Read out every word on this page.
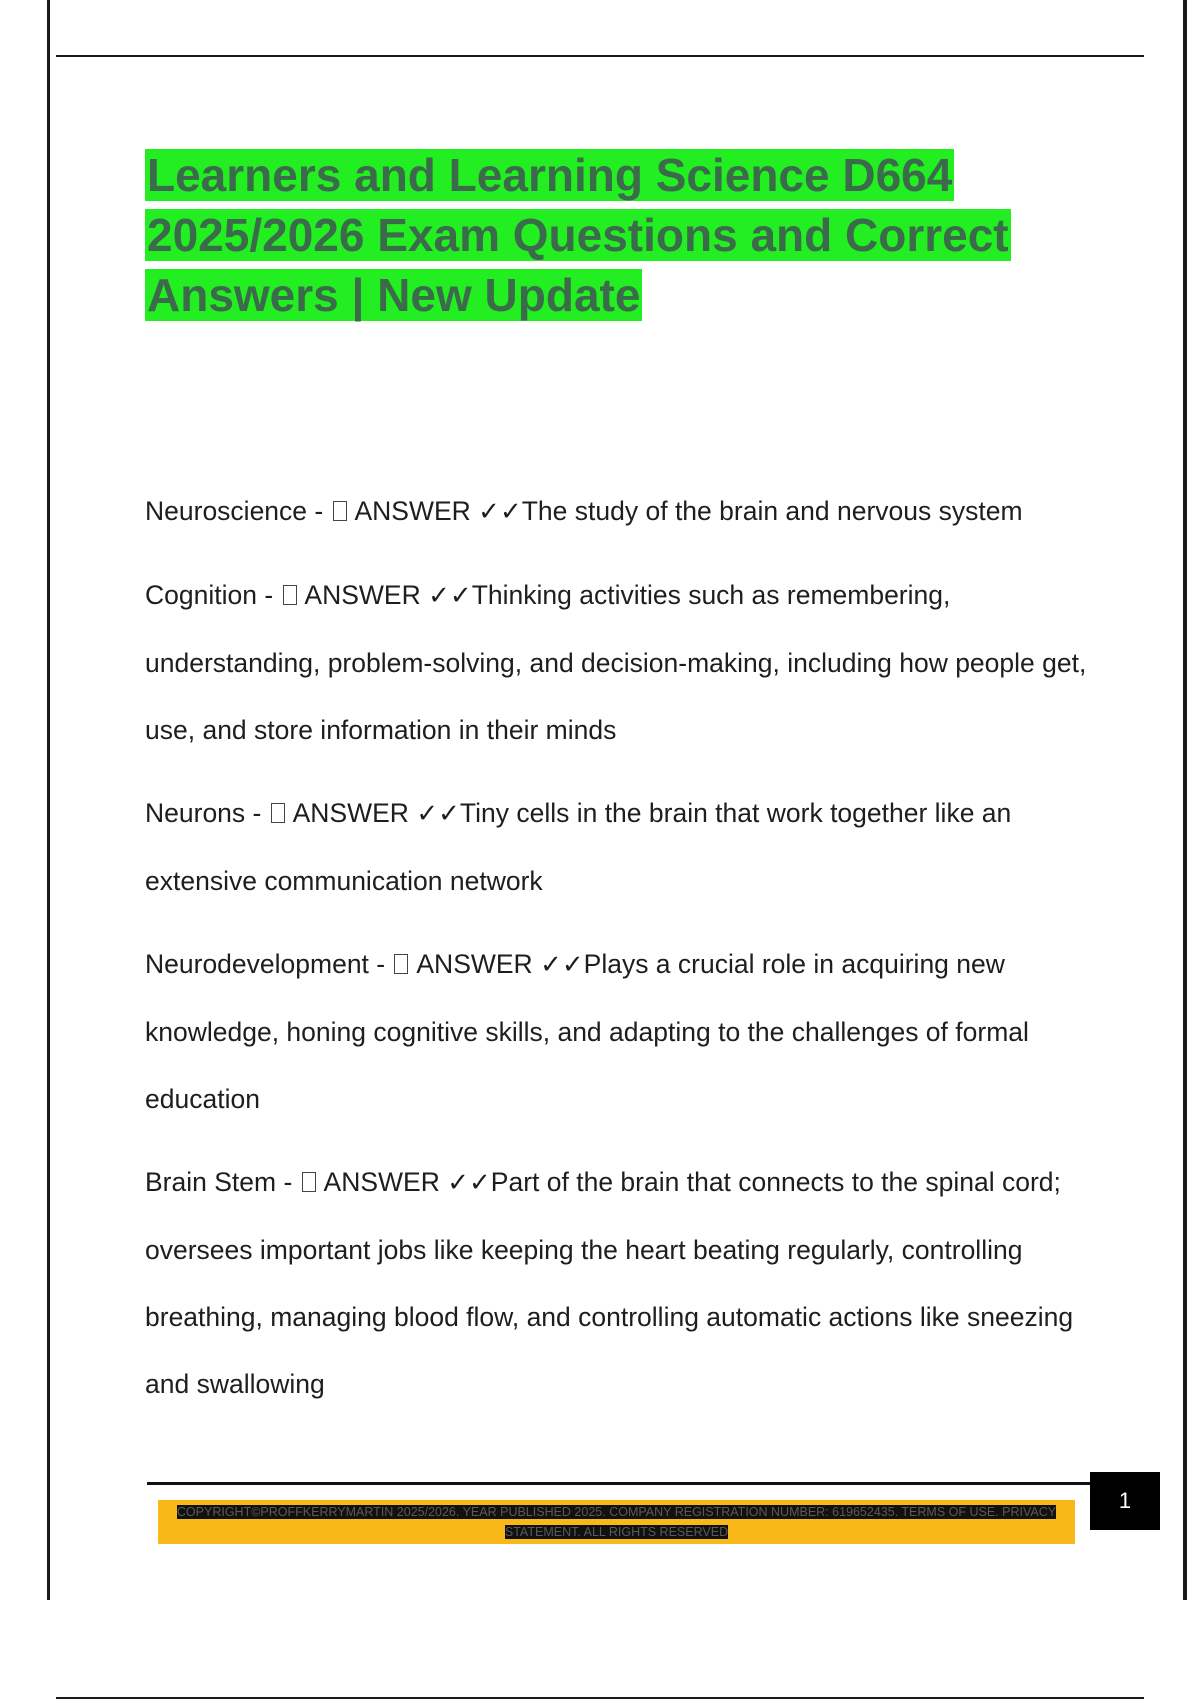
Learners and Learning Science D664 2025/2026 Exam Questions and Correct Answers | New Update

Neuroscience -  ANSWER ✓✓The study of the brain and nervous system

Cognition -  ANSWER ✓✓Thinking activities such as remembering, understanding, problem-solving, and decision-making, including how people get, use, and store information in their minds

Neurons -  ANSWER ✓✓Tiny cells in the brain that work together like an extensive communication network

Neurodevelopment -  ANSWER ✓✓Plays a crucial role in acquiring new knowledge, honing cognitive skills, and adapting to the challenges of formal education

Brain Stem -  ANSWER ✓✓Part of the brain that connects to the spinal cord; oversees important jobs like keeping the heart beating regularly, controlling breathing, managing blood flow, and controlling automatic actions like sneezing and swallowing

1
COPYRIGHT©PROFFKERRYMARTIN 2025/2026. YEAR PUBLISHED 2025. COMPANY REGISTRATION NUMBER: 619652435. TERMS OF USE. PRIVACY STATEMENT. ALL RIGHTS RESERVED
